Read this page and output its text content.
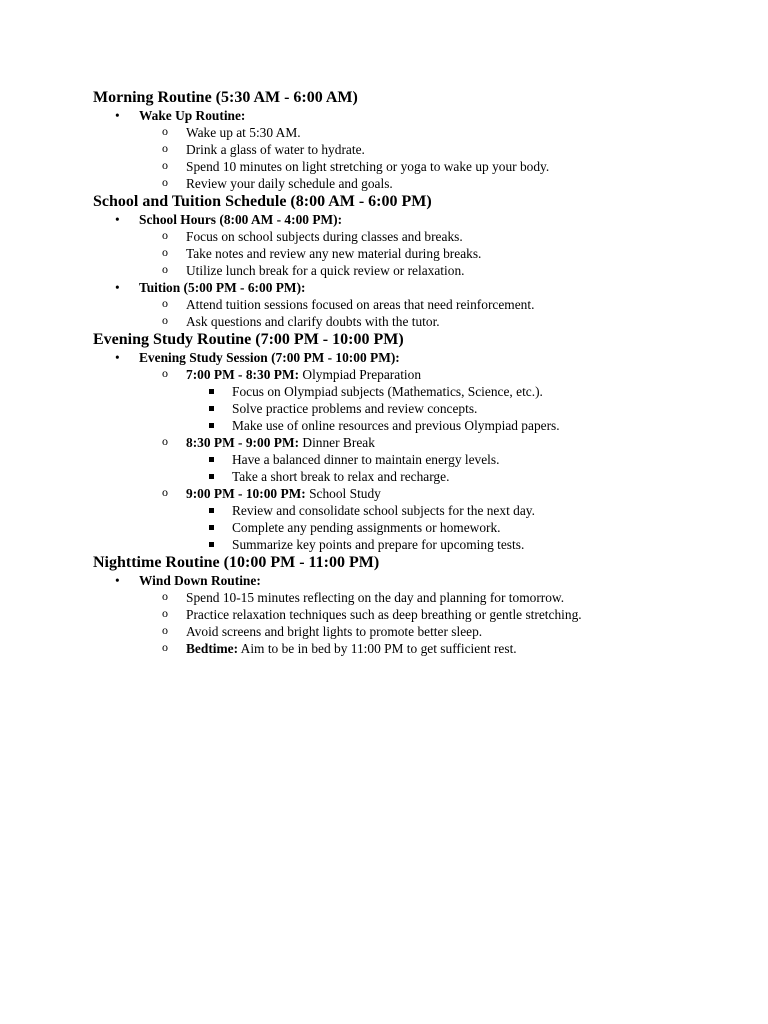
Morning Routine (5:30 AM - 6:00 AM)
• Wake Up Routine:
o Wake up at 5:30 AM.
o Drink a glass of water to hydrate.
o Spend 10 minutes on light stretching or yoga to wake up your body.
o Review your daily schedule and goals.
School and Tuition Schedule (8:00 AM - 6:00 PM)
• School Hours (8:00 AM - 4:00 PM):
o Focus on school subjects during classes and breaks.
o Take notes and review any new material during breaks.
o Utilize lunch break for a quick review or relaxation.
• Tuition (5:00 PM - 6:00 PM):
o Attend tuition sessions focused on areas that need reinforcement.
o Ask questions and clarify doubts with the tutor.
Evening Study Routine (7:00 PM - 10:00 PM)
• Evening Study Session (7:00 PM - 10:00 PM):
o 7:00 PM - 8:30 PM: Olympiad Preparation
Focus on Olympiad subjects (Mathematics, Science, etc.).
Solve practice problems and review concepts.
Make use of online resources and previous Olympiad papers.
o 8:30 PM - 9:00 PM: Dinner Break
Have a balanced dinner to maintain energy levels.
Take a short break to relax and recharge.
o 9:00 PM - 10:00 PM: School Study
Review and consolidate school subjects for the next day.
Complete any pending assignments or homework.
Summarize key points and prepare for upcoming tests.
Nighttime Routine (10:00 PM - 11:00 PM)
• Wind Down Routine:
o Spend 10-15 minutes reflecting on the day and planning for tomorrow.
o Practice relaxation techniques such as deep breathing or gentle stretching.
o Avoid screens and bright lights to promote better sleep.
o Bedtime: Aim to be in bed by 11:00 PM to get sufficient rest.
